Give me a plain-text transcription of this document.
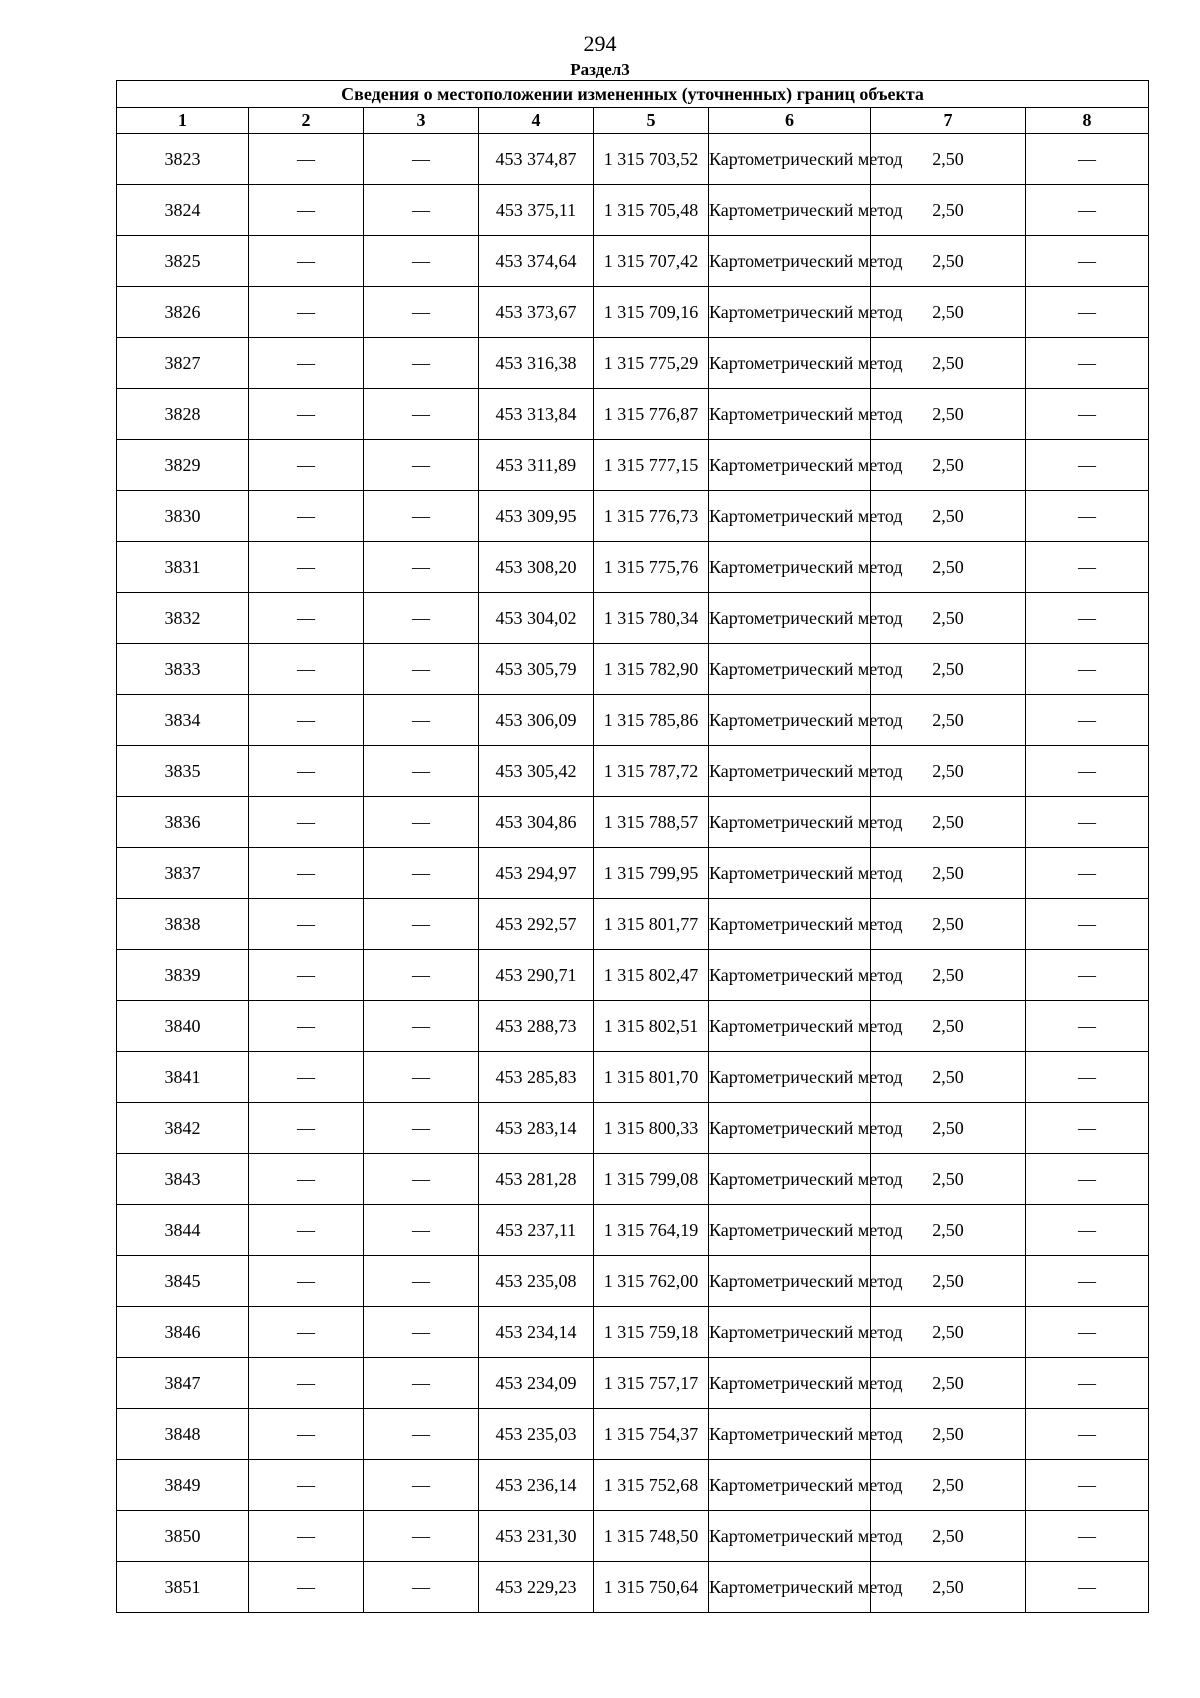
294
Раздел3
Сведения о местоположении измененных (уточненных) границ объекта							
1	2	3	4	5	6	7	8
3823	—	—	453 374,87	1 315 703,52	Картометрический метод	2,50	—
3824	—	—	453 375,11	1 315 705,48	Картометрический метод	2,50	—
3825	—	—	453 374,64	1 315 707,42	Картометрический метод	2,50	—
3826	—	—	453 373,67	1 315 709,16	Картометрический метод	2,50	—
3827	—	—	453 316,38	1 315 775,29	Картометрический метод	2,50	—
3828	—	—	453 313,84	1 315 776,87	Картометрический метод	2,50	—
3829	—	—	453 311,89	1 315 777,15	Картометрический метод	2,50	—
3830	—	—	453 309,95	1 315 776,73	Картометрический метод	2,50	—
3831	—	—	453 308,20	1 315 775,76	Картометрический метод	2,50	—
3832	—	—	453 304,02	1 315 780,34	Картометрический метод	2,50	—
3833	—	—	453 305,79	1 315 782,90	Картометрический метод	2,50	—
3834	—	—	453 306,09	1 315 785,86	Картометрический метод	2,50	—
3835	—	—	453 305,42	1 315 787,72	Картометрический метод	2,50	—
3836	—	—	453 304,86	1 315 788,57	Картометрический метод	2,50	—
3837	—	—	453 294,97	1 315 799,95	Картометрический метод	2,50	—
3838	—	—	453 292,57	1 315 801,77	Картометрический метод	2,50	—
3839	—	—	453 290,71	1 315 802,47	Картометрический метод	2,50	—
3840	—	—	453 288,73	1 315 802,51	Картометрический метод	2,50	—
3841	—	—	453 285,83	1 315 801,70	Картометрический метод	2,50	—
3842	—	—	453 283,14	1 315 800,33	Картометрический метод	2,50	—
3843	—	—	453 281,28	1 315 799,08	Картометрический метод	2,50	—
3844	—	—	453 237,11	1 315 764,19	Картометрический метод	2,50	—
3845	—	—	453 235,08	1 315 762,00	Картометрический метод	2,50	—
3846	—	—	453 234,14	1 315 759,18	Картометрический метод	2,50	—
3847	—	—	453 234,09	1 315 757,17	Картометрический метод	2,50	—
3848	—	—	453 235,03	1 315 754,37	Картометрический метод	2,50	—
3849	—	—	453 236,14	1 315 752,68	Картометрический метод	2,50	—
3850	—	—	453 231,30	1 315 748,50	Картометрический метод	2,50	—
3851	—	—	453 229,23	1 315 750,64	Картометрический метод	2,50	—
